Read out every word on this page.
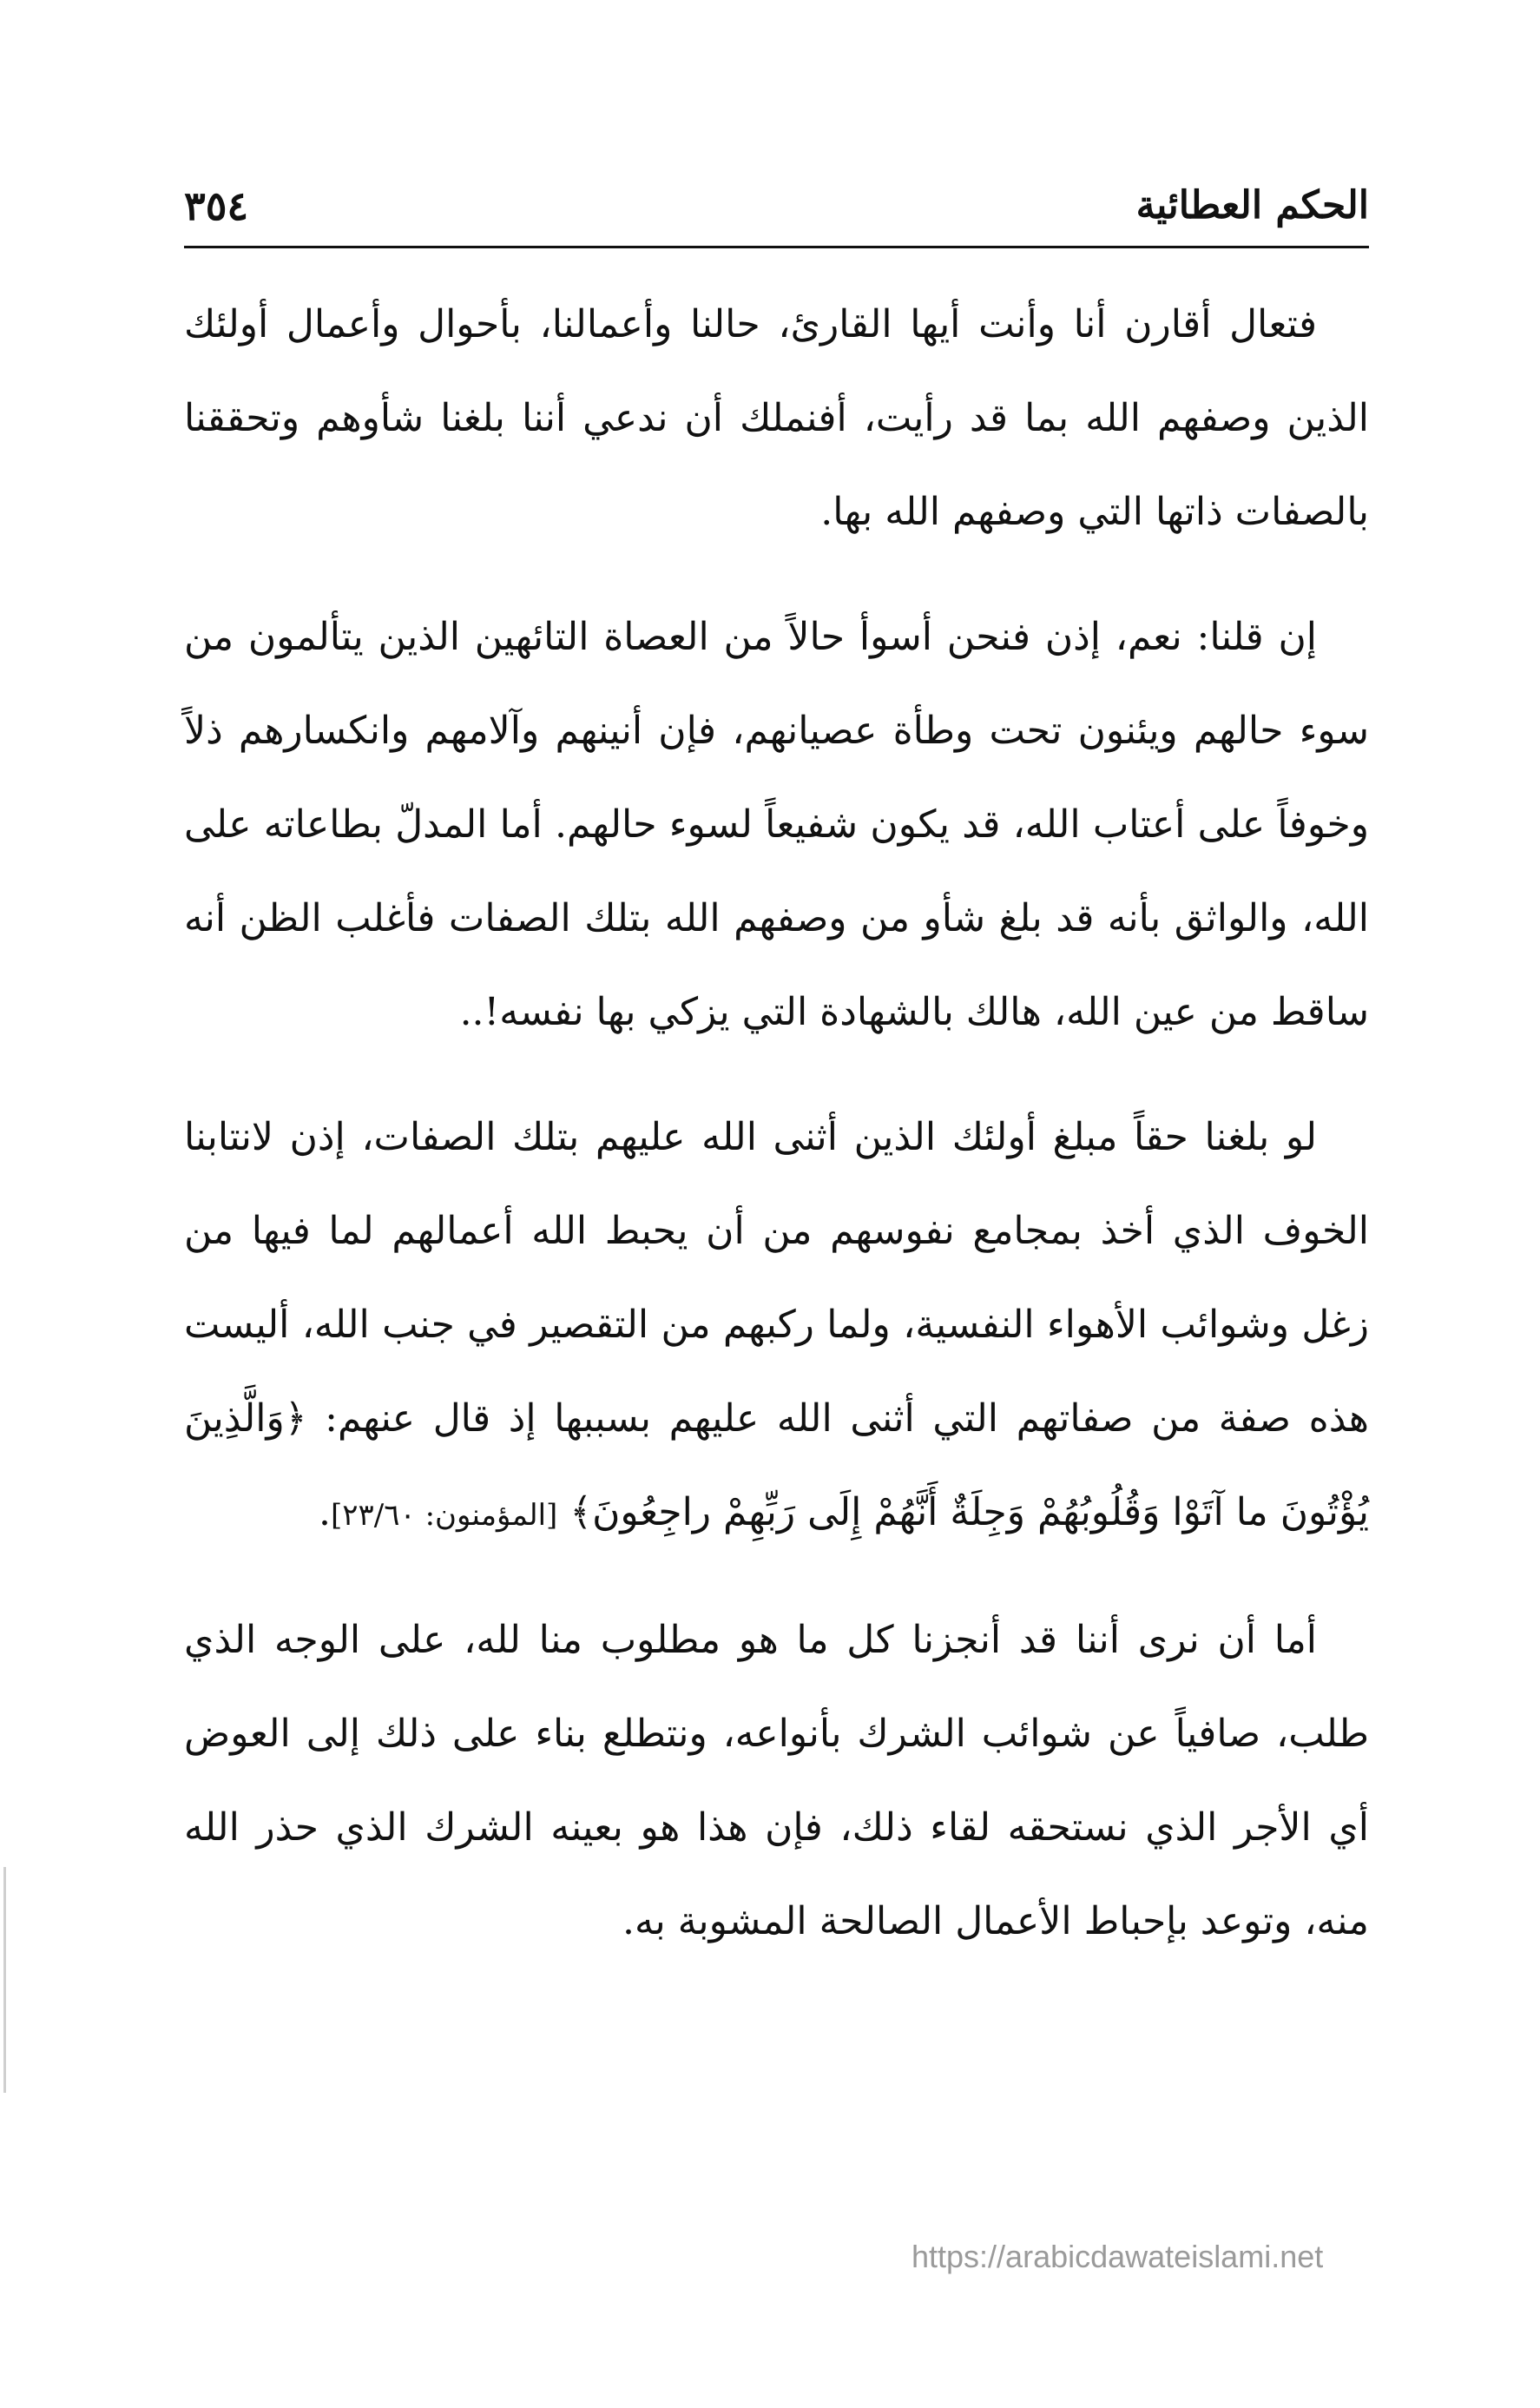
الحكم العطائية
٣٥٤

فتعال أقارن أنا وأنت أيها القارئ، حالنا وأعمالنا، بأحوال وأعمال أولئك الذين وصفهم الله بما قد رأيت، أفنملك أن ندعي أننا بلغنا شأوهم وتحققنا بالصفات ذاتها التي وصفهم الله بها.

إن قلنا: نعم، إذن فنحن أسوأ حالاً من العصاة التائهين الذين يتألمون من سوء حالهم ويئنون تحت وطأة عصيانهم، فإن أنينهم وآلامهم وانكسارهم ذلاً وخوفاً على أعتاب الله، قد يكون شفيعاً لسوء حالهم. أما المدلّ بطاعاته على الله، والواثق بأنه قد بلغ شأو من وصفهم الله بتلك الصفات فأغلب الظن أنه ساقط من عين الله، هالك بالشهادة التي يزكي بها نفسه!..

لو بلغنا حقاً مبلغ أولئك الذين أثنى الله عليهم بتلك الصفات، إذن لانتابنا الخوف الذي أخذ بمجامع نفوسهم من أن يحبط الله أعمالهم لما فيها من زغل وشوائب الأهواء النفسية، ولما ركبهم من التقصير في جنب الله، أليست هذه صفة من صفاتهم التي أثنى الله عليهم بسببها إذ قال عنهم: ﴿وَالَّذِينَ يُؤْتُونَ ما آتَوْا وَقُلُوبُهُمْ وَجِلَةٌ أَنَّهُمْ إِلَى رَبِّهِمْ راجِعُونَ﴾ [المؤمنون: ٢٣/٦٠].

أما أن نرى أننا قد أنجزنا كل ما هو مطلوب منا لله، على الوجه الذي طلب، صافياً عن شوائب الشرك بأنواعه، ونتطلع بناء على ذلك إلى العوض أي الأجر الذي نستحقه لقاء ذلك، فإن هذا هو بعينه الشرك الذي حذر الله منه، وتوعد بإحباط الأعمال الصالحة المشوبة به.

https://arabicdawateislami.net
